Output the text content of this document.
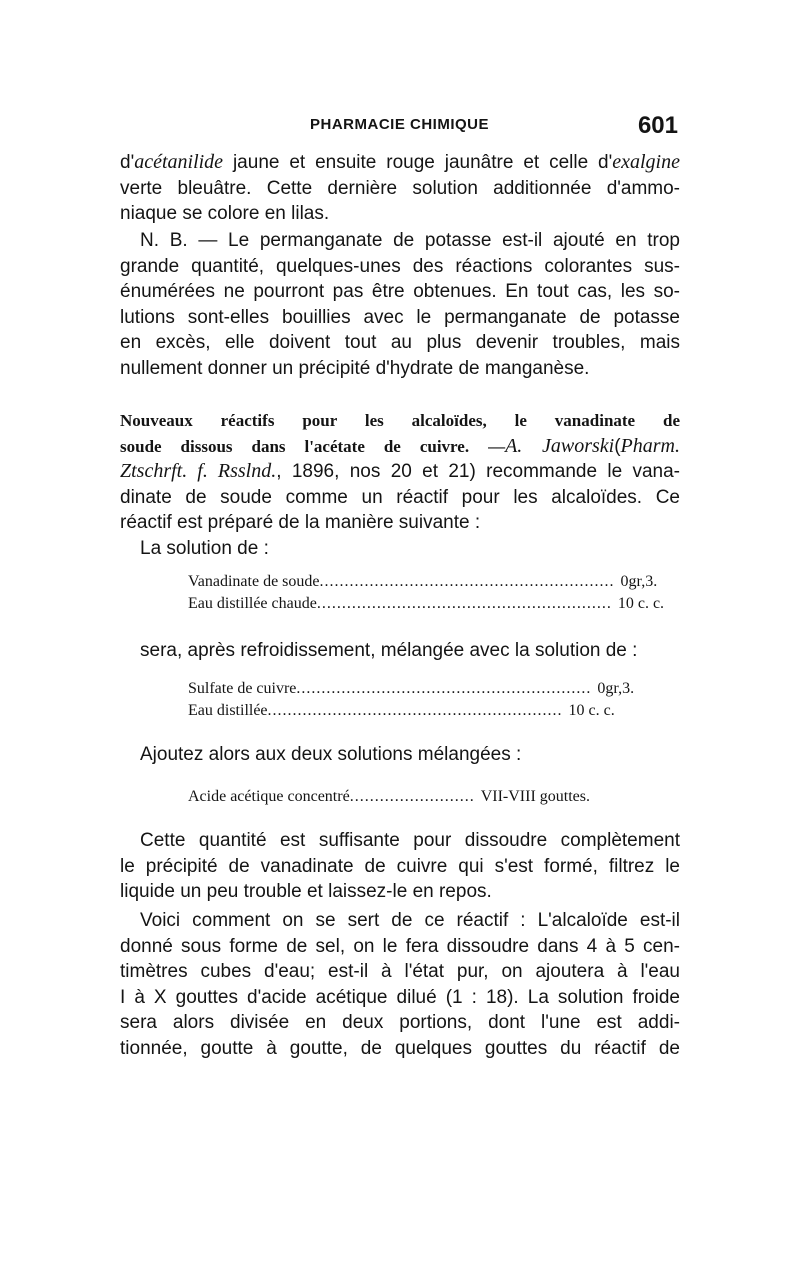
PHARMACIE CHIMIQUE	601
d'acétanilide jaune et ensuite rouge jaunâtre et celle d'exalgine
verte bleuâtre. Cette dernière solution additionnée d'ammo-
niaque se colore en lilas.
N. B. — Le permanganate de potasse est-il ajouté en trop
grande quantité, quelques-unes des réactions colorantes sus-
énumérées ne pourront pas être obtenues. En tout cas, les so-
lutions sont-elles bouillies avec le permanganate de potasse
en excès, elle doivent tout au plus devenir troubles, mais
nullement donner un précipité d'hydrate de manganèse.
Nouveaux réactifs pour les alcaloïdes, le vanadinate de
soude dissous dans l'acétate de cuivre. —A. Jaworski(Pharm.
Ztschrft. f. Rsslnd., 1896, nos 20 et 21) recommande le vana-
dinate de soude comme un réactif pour les alcaloïdes. Ce
réactif est préparé de la manière suivante :
La solution de :
Vanadinate de soude ........................................................... 0gr,3.
Eau distillée chaude ........................................................... 10 c. c.
sera, après refroidissement, mélangée avec la solution de :
Sulfate de cuivre ........................................................... 0gr,3.
Eau distillée ........................................................... 10 c. c.
Ajoutez alors aux deux solutions mélangées :
Acide acétique concentré ......................... VII-VIII gouttes.
Cette quantité est suffisante pour dissoudre complètement
le précipité de vanadinate de cuivre qui s'est formé, filtrez le
liquide un peu trouble et laissez-le en repos.
Voici comment on se sert de ce réactif : L'alcaloïde est-il
donné sous forme de sel, on le fera dissoudre dans 4 à 5 cen-
timètres cubes d'eau; est-il à l'état pur, on ajoutera à l'eau
I à X gouttes d'acide acétique dilué (1 : 18). La solution froide
sera alors divisée en deux portions, dont l'une est addi-
tionnée, goutte à goutte, de quelques gouttes du réactif de
